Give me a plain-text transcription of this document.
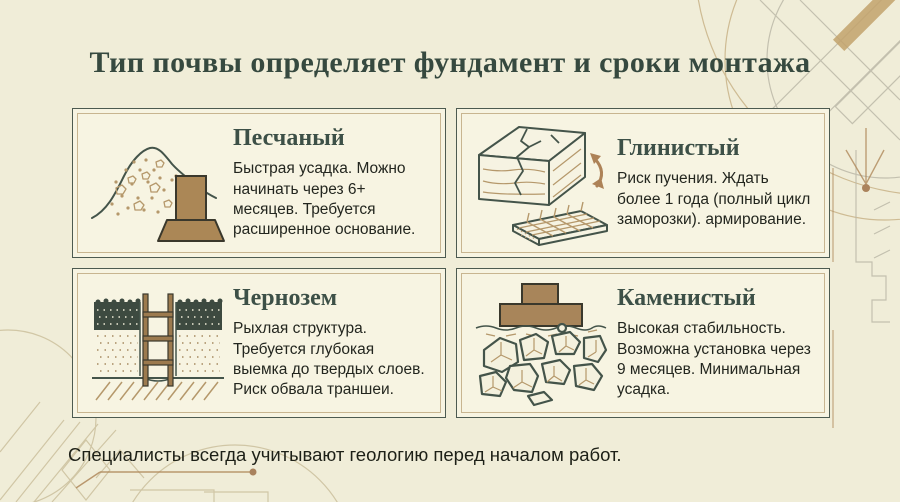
Тип почвы определяет фундамент и сроки монтажа
Песчаный

Быстрая усадка. Можно начинать через 6+ месяцев. Требуется расширенное основание.

Глинистый

Риск пучения. Ждать более 1 года (полный цикл заморозки). армирование.

Чернозем

Рыхлая структура. Требуется глубокая выемка до твердых слоев. Риск обвала траншеи.

Каменистый

Высокая стабильность. Возможна установка через 9 месяцев. Минимальная усадка.

Специалисты всегда учитывают геологию перед началом работ.
